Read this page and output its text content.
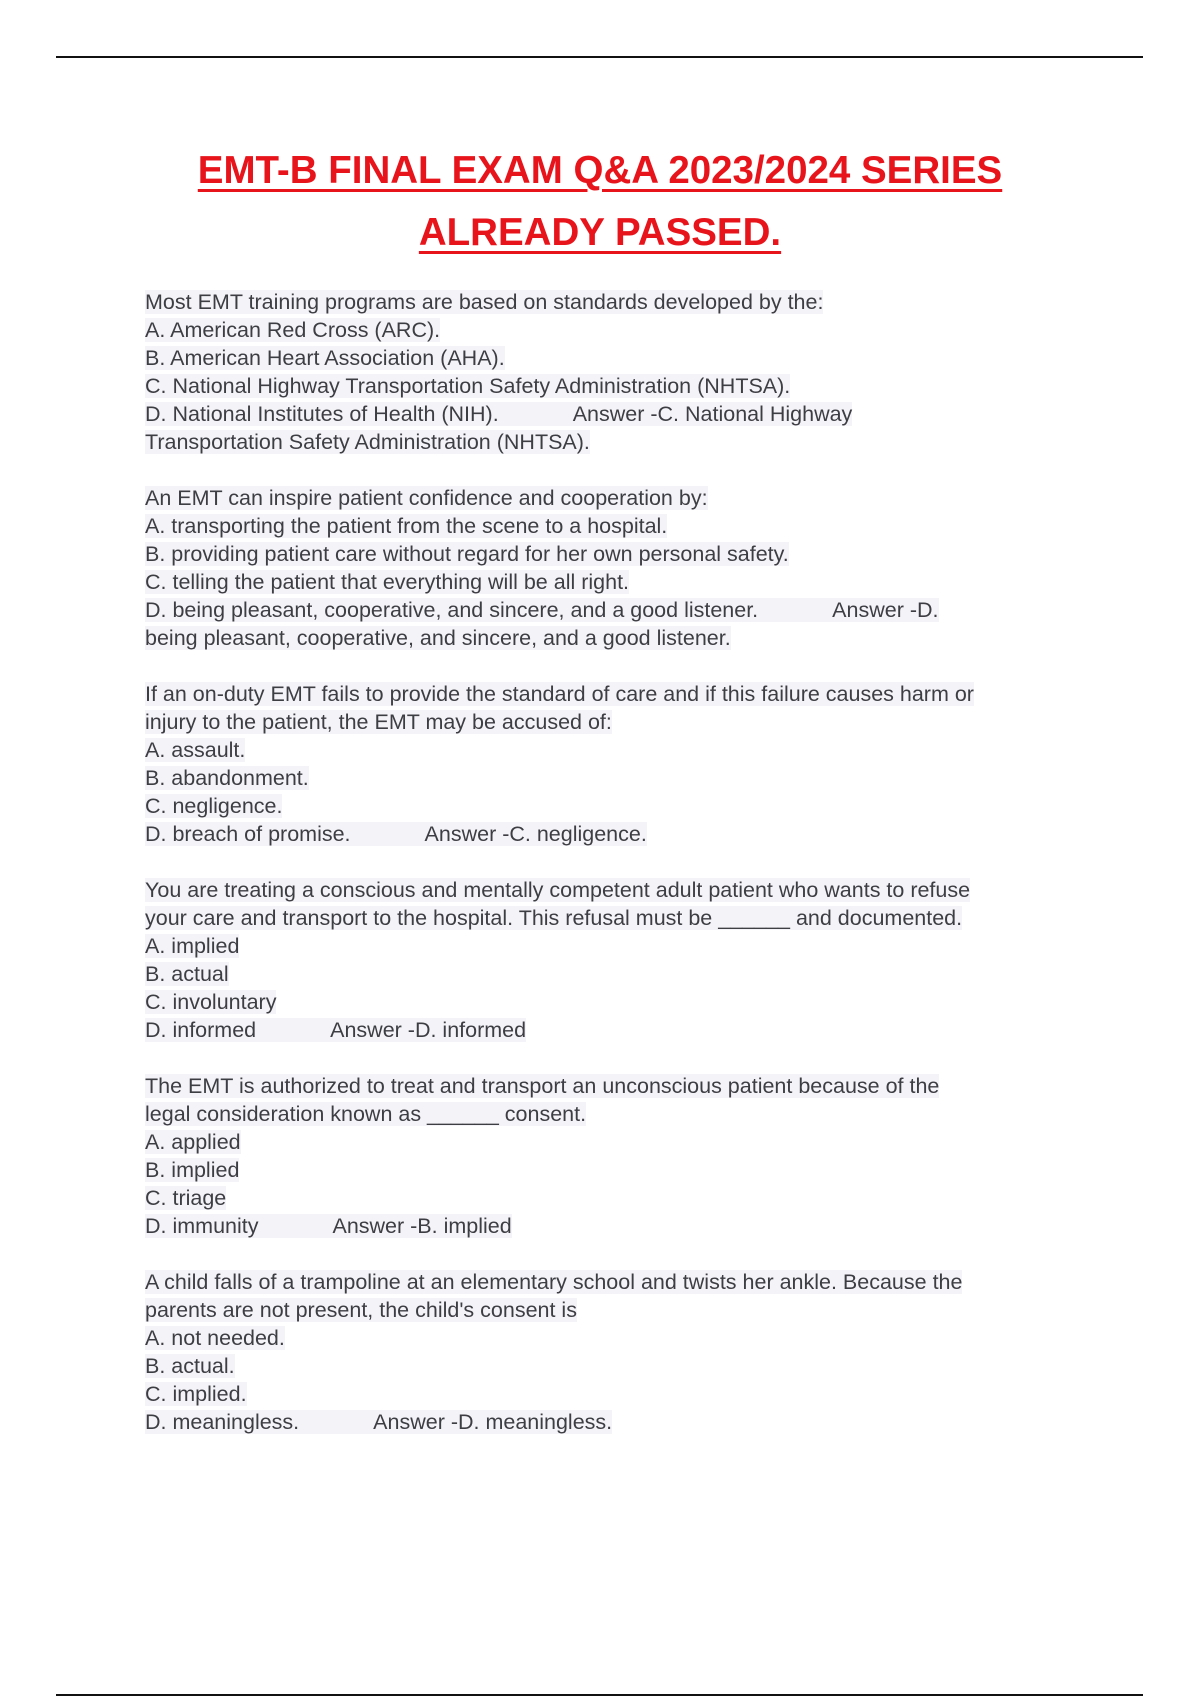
EMT-B FINAL EXAM Q&A 2023/2024 SERIES
ALREADY PASSED.
Most EMT training programs are based on standards developed by the:
A. American Red Cross (ARC).
B. American Heart Association (AHA).
C. National Highway Transportation Safety Administration (NHTSA).
D. National Institutes of Health (NIH).	Answer -C. National Highway
Transportation Safety Administration (NHTSA).
An EMT can inspire patient confidence and cooperation by:
A. transporting the patient from the scene to a hospital.
B. providing patient care without regard for her own personal safety.
C. telling the patient that everything will be all right.
D. being pleasant, cooperative, and sincere, and a good listener.	Answer -D.
being pleasant, cooperative, and sincere, and a good listener.
If an on-duty EMT fails to provide the standard of care and if this failure causes harm or
injury to the patient, the EMT may be accused of:
A. assault.
B. abandonment.
C. negligence.
D. breach of promise.	Answer -C. negligence.
You are treating a conscious and mentally competent adult patient who wants to refuse
your care and transport to the hospital. This refusal must be ______ and documented.
A. implied
B. actual
C. involuntary
D. informed	Answer -D. informed
The EMT is authorized to treat and transport an unconscious patient because of the
legal consideration known as ______ consent.
A. applied
B. implied
C. triage
D. immunity	Answer -B. implied
A child falls of a trampoline at an elementary school and twists her ankle. Because the
parents are not present, the child's consent is
A. not needed.
B. actual.
C. implied.
D. meaningless.	Answer -D. meaningless.
